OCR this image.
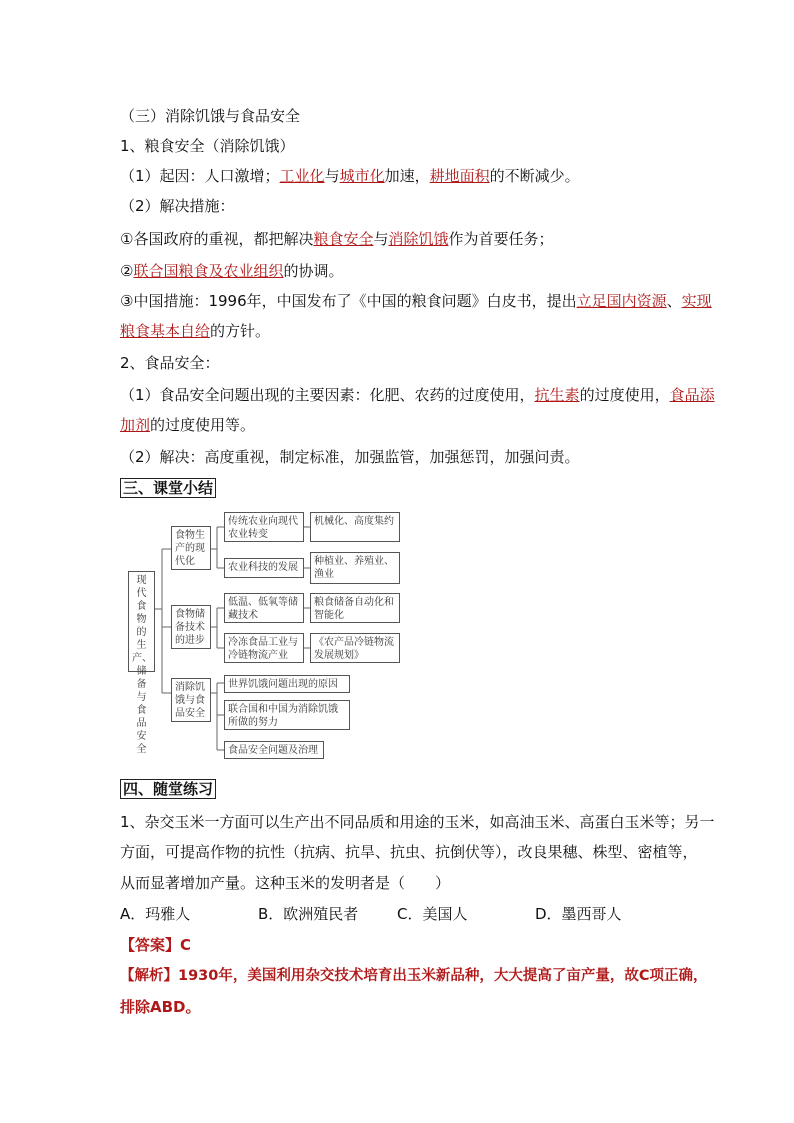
（三）消除饥饿与食品安全
1、粮食安全（消除饥饿）
（1）起因：人口激增；工业化与城市化加速，耕地面积的不断减少。
（2）解决措施：
①各国政府的重视，都把解决粮食安全与消除饥饿作为首要任务；
②联合国粮食及农业组织的协调。
③中国措施：1996年，中国发布了《中国的粮食问题》白皮书，提出立足国内资源、实现
粮食基本自给的方针。
2、食品安全：
（1）食品安全问题出现的主要因素：化肥、农药的过度使用，抗生素的过度使用，食品添
加剂的过度使用等。
（2）解决：高度重视，制定标准，加强监管，加强惩罚，加强问责。
三、课堂小结
现代食物的生产、储备与食品安全
食物生产的现代化
传统农业向现代农业转变
机械化、高度集约
农业科技的发展
种植业、养殖业、渔业
食物储备技术的进步
低温、低氧等储藏技术
粮食储备自动化和智能化
冷冻食品工业与冷链物流产业
《农产品冷链物流发展规划》
消除饥饿与食品安全
世界饥饿问题出现的原因
联合国和中国为消除饥饿所做的努力
食品安全问题及治理
四、随堂练习
1、杂交玉米一方面可以生产出不同品质和用途的玉米，如高油玉米、高蛋白玉米等；另一
方面，可提高作物的抗性（抗病、抗旱、抗虫、抗倒伏等），改良果穗、株型、密植等，
从而显著增加产量。这种玉米的发明者是（　　）
A．玛雅人	B．欧洲殖民者	C．美国人	D．墨西哥人
【答案】C
【解析】1930年，美国利用杂交技术培育出玉米新品种，大大提高了亩产量，故C项正确，
排除ABD。
